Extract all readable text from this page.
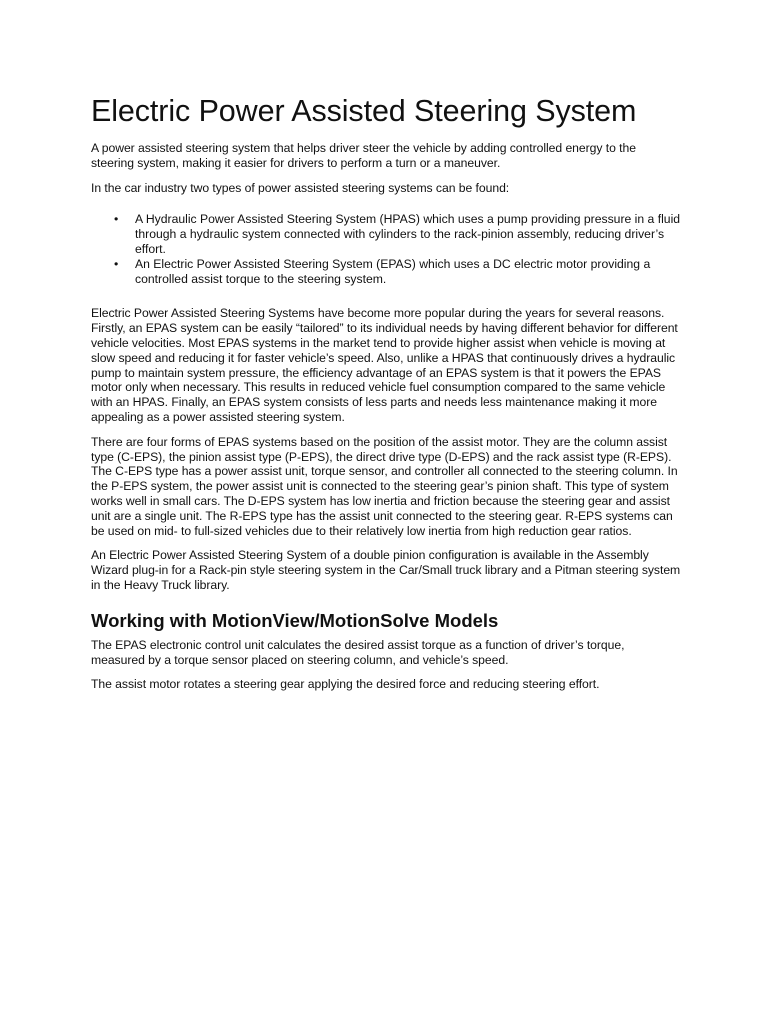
Electric Power Assisted Steering System

A power assisted steering system that helps driver steer the vehicle by adding controlled energy to the steering system, making it easier for drivers to perform a turn or a maneuver.

In the car industry two types of power assisted steering systems can be found:

• A Hydraulic Power Assisted Steering System (HPAS) which uses a pump providing pressure in a fluid through a hydraulic system connected with cylinders to the rack-pinion assembly, reducing driver’s effort.
• An Electric Power Assisted Steering System (EPAS) which uses a DC electric motor providing a controlled assist torque to the steering system.

Electric Power Assisted Steering Systems have become more popular during the years for several reasons. Firstly, an EPAS system can be easily “tailored” to its individual needs by having different behavior for different vehicle velocities. Most EPAS systems in the market tend to provide higher assist when vehicle is moving at slow speed and reducing it for faster vehicle’s speed. Also, unlike a HPAS that continuously drives a hydraulic pump to maintain system pressure, the efficiency advantage of an EPAS system is that it powers the EPAS motor only when necessary. This results in reduced vehicle fuel consumption compared to the same vehicle with an HPAS. Finally, an EPAS system consists of less parts and needs less maintenance making it more appealing as a power assisted steering system.

There are four forms of EPAS systems based on the position of the assist motor. They are the column assist type (C-EPS), the pinion assist type (P-EPS), the direct drive type (D-EPS) and the rack assist type (R-EPS). The C-EPS type has a power assist unit, torque sensor, and controller all connected to the steering column. In the P-EPS system, the power assist unit is connected to the steering gear’s pinion shaft. This type of system works well in small cars. The D-EPS system has low inertia and friction because the steering gear and assist unit are a single unit. The R-EPS type has the assist unit connected to the steering gear. R-EPS systems can be used on mid- to full-sized vehicles due to their relatively low inertia from high reduction gear ratios.

An Electric Power Assisted Steering System of a double pinion configuration is available in the Assembly Wizard plug-in for a Rack-pin style steering system in the Car/Small truck library and a Pitman steering system in the Heavy Truck library.

Working with MotionView/MotionSolve Models

The EPAS electronic control unit calculates the desired assist torque as a function of driver’s torque, measured by a torque sensor placed on steering column, and vehicle’s speed.

The assist motor rotates a steering gear applying the desired force and reducing steering effort.
